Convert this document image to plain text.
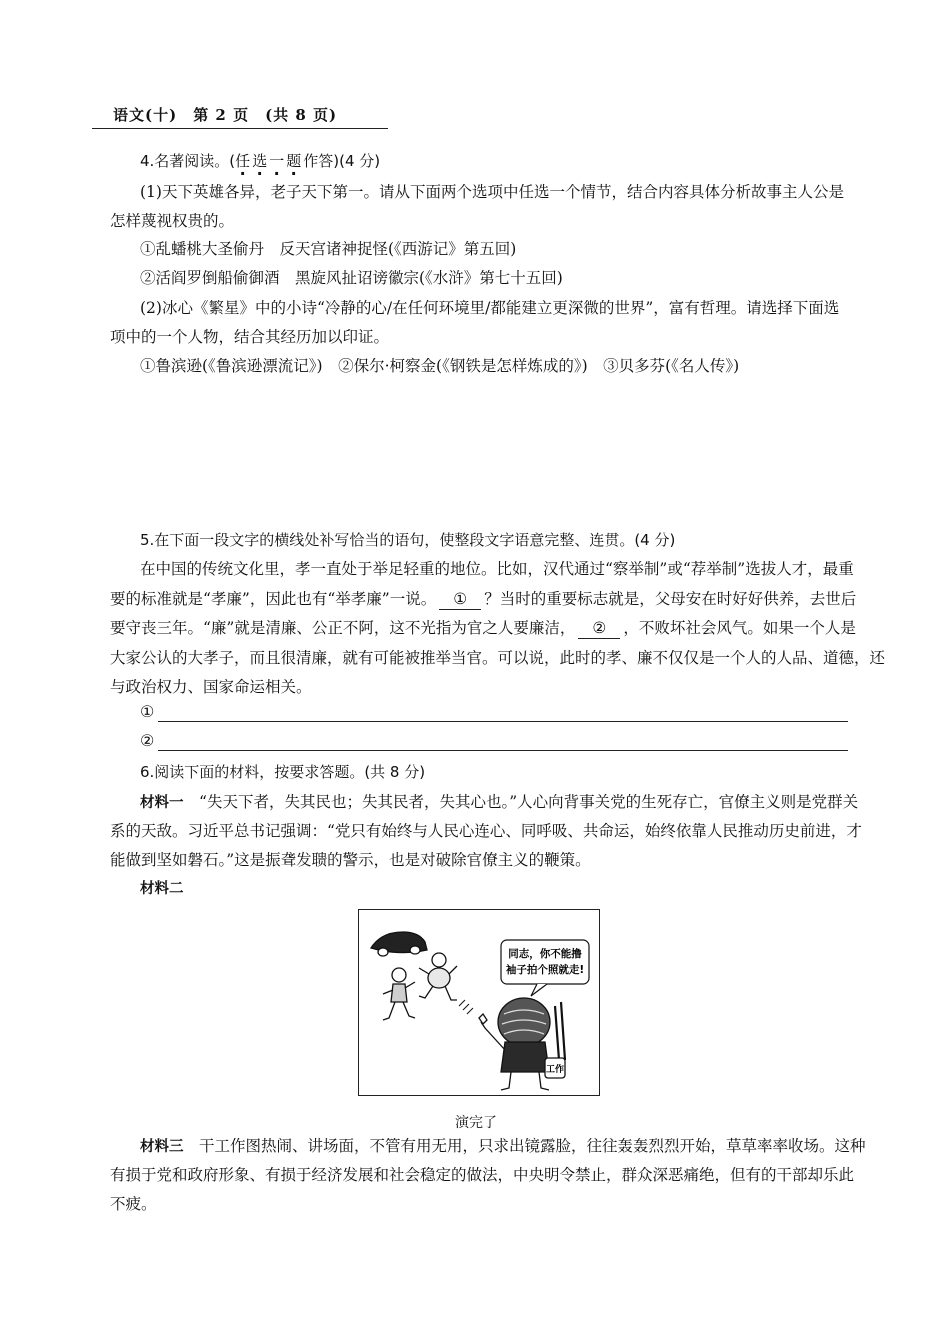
语文(十)　第 2 页　(共 8 页)
4.名著阅读。(任选一题作答)(4 分)
(1)天下英雄各异，老子天下第一。请从下面两个选项中任选一个情节，结合内容具体分析故事主人公是
怎样蔑视权贵的。
①乱蟠桃大圣偷丹　反天宫诸神捉怪(《西游记》第五回)
②活阎罗倒船偷御酒　黑旋风扯诏谤徽宗(《水浒》第七十五回)
(2)冰心《繁星》中的小诗“冷静的心/在任何环境里/都能建立更深微的世界”，富有哲理。请选择下面选
项中的一个人物，结合其经历加以印证。
①鲁滨逊(《鲁滨逊漂流记》)　②保尔·柯察金(《钢铁是怎样炼成的》)　③贝多芬(《名人传》)
5.在下面一段文字的横线处补写恰当的语句，使整段文字语意完整、连贯。(4 分)
在中国的传统文化里，孝一直处于举足轻重的地位。比如，汉代通过“察举制”或“荐举制”选拔人才，最重
要的标准就是“孝廉”，因此也有“举孝廉”一说。 ① ？当时的重要标志就是，父母安在时好好供养，去世后
要守丧三年。“廉”就是清廉、公正不阿，这不光指为官之人要廉洁， ② ，不败坏社会风气。如果一个人是
大家公认的大孝子，而且很清廉，就有可能被推举当官。可以说，此时的孝、廉不仅仅是一个人的人品、道德，还
与政治权力、国家命运相关。
①
②
6.阅读下面的材料，按要求答题。(共 8 分)
材料一　 “失天下者，失其民也；失其民者，失其心也。”人心向背事关党的生死存亡，官僚主义则是党群关
系的天敌。习近平总书记强调：“党只有始终与人民心连心、同呼吸、共命运，始终依靠人民推动历史前进，才
能做到坚如磐石。”这是振聋发聩的警示，也是对破除官僚主义的鞭策。
材料二
同志，你不能撸
袖子拍个照就走!
工作
演完了
材料三　 干工作图热闹、讲场面，不管有用无用，只求出镜露脸，往往轰轰烈烈开始，草草率率收场。这种
有损于党和政府形象、有损于经济发展和社会稳定的做法，中央明令禁止，群众深恶痛绝，但有的干部却乐此
不疲。
